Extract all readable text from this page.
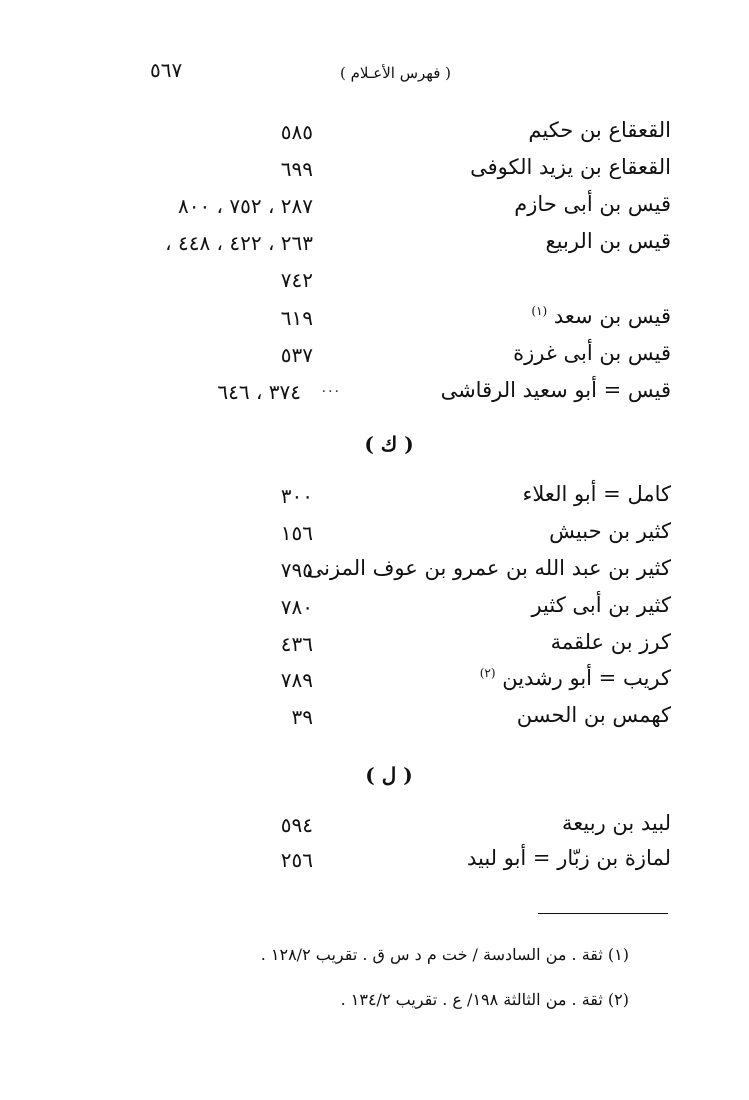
٥٦٧	( فهرس الأعـلام )
القعقاع بن حكيم
٥٨٥
القعقاع بن يزيد الكوفى
٦٩٩
قيس بن أبى حازم
٢٨٧ ، ٧٥٢ ، ٨٠٠
قيس بن الربيع
٢٦٣ ، ٤٢٢ ، ٤٤٨ ،
٧٤٢
قيس بن سعد $^{(١)}$
٦١٩
قيس بن أبى غرزة
٥٣٧
قيس = أبو سعيد الرقاشى
···
٣٧٤ ، ٦٤٦
( ك )
كامل = أبو العلاء
٣٠٠
كثير بن حبيش
١٥٦
كثير بن عبد الله بن عمرو بن عوف المزنى
٧٩٥
كثير بن أبى كثير
٧٨٠
كرز بن علقمة
٤٣٦
كريب = أبو رشدين $^{(٢)}$
٧٨٩
كهمس بن الحسن
٣٩
( ل )
لبيد بن ربيعة
٥٩٤
لمازة بن زبّار = أبو لبيد
٢٥٦
(١) ثقة . من السادسة / خت م د س ق . تقريب ١٢٨/٢ .
(٢) ثقة . من الثالثة ١٩٨/ ع . تقريب ١٣٤/٢ .
